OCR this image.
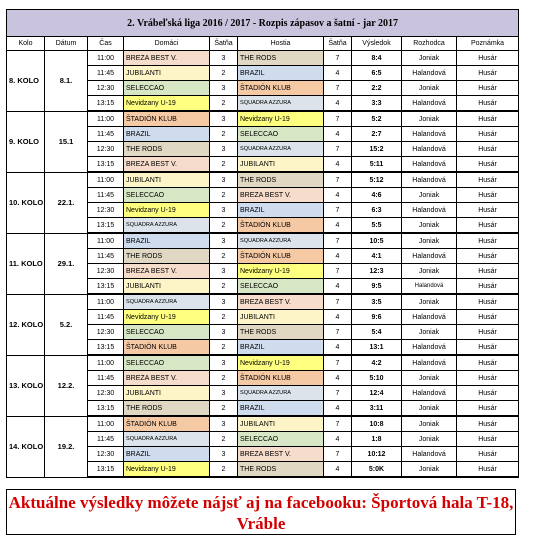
2. Vrábeľská liga 2016 / 2017 - Rozpis zápasov a šatní - jar 2017									
Kolo	Dátum	Čas	Domáci	Šatňa	Hostia	Šatňa	Výsledok	Rozhodca	Poznámka
8. KOLO	8.1.	11:00	BREZA BEST V.	3	THE RODS	7	8:4	Joniak	Husár
		11:45	JUBILANTI	2	BRAZIL	4	6:5	Halandová	Husár
		12:30	SELECCAO	3	ŠTADIÓN KLUB	7	2:2	Joniak	Husár
		13:15	Nevidzany U-19	2	SQUADRA AZZURA	4	3:3	Halandová	Husár
9. KOLO	15.1	11:00	ŠTADIÓN KLUB	3	Nevidzany U-19	7	5:2	Joniak	Husár
		11:45	BRAZIL	2	SELECCAO	4	2:7	Halandová	Husár
		12:30	THE RODS	3	SQUADRA AZZURA	7	15:2	Halandová	Husár
		13:15	BREZA BEST V.	2	JUBILANTI	4	5:11	Halandová	Husár
10. KOLO	22.1.	11:00	JUBILANTI	3	THE RODS	7	5:12	Halandová	Husár
		11:45	SELECCAO	2	BREZA BEST V.	4	4:6	Joniak	Husár
		12:30	Nevidzany U-19	3	BRAZIL	7	6:3	Halandová	Husár
		13:15	SQUADRA AZZURA	2	ŠTADIÓN KLUB	4	5:5	Joniak	Husár
11. KOLO	29.1.	11:00	BRAZIL	3	SQUADRA AZZURA	7	10:5	Joniak	Husár
		11:45	THE RODS	2	ŠTADIÓN KLUB	4	4:1	Halandová	Husár
		12:30	BREZA BEST V.	3	Nevidzany U-19	7	12:3	Joniak	Husár
		13:15	JUBILANTI	2	SELECCAO	4	9:5	Halandová	Husár
12. KOLO	5.2.	11:00	SQUADRA AZZURA	3	BREZA BEST V.	7	3:5	Joniak	Husár
		11:45	Nevidzany U-19	2	JUBILANTI	4	9:6	Halandová	Husár
		12:30	SELECCAO	3	THE RODS	7	5:4	Joniak	Husár
		13:15	ŠTADIÓN KLUB	2	BRAZIL	4	13:1	Halandová	Husár
13. KOLO	12.2.	11:00	SELECCAO	3	Nevidzany U-19	7	4:2	Halandová	Husár
		11:45	BREZA BEST V.	2	ŠTADIÓN KLUB	4	5:10	Joniak	Husár
		12:30	JUBILANTI	3	SQUADRA AZZURA	7	12:4	Halandová	Husár
		13:15	THE RODS	2	BRAZIL	4	3:11	Joniak	Husár
14. KOLO	19.2.	11:00	ŠTADIÓN KLUB	3	JUBILANTI	7	10:8	Joniak	Husár
		11:45	SQUADRA AZZURA	2	SELECCAO	4	1:8	Joniak	Husár
		12:30	BRAZIL	3	BREZA BEST V.	7	10:12	Halandová	Husár
		13:15	Nevidzany U-19	2	THE RODS	4	5:0K	Joniak	Husár
Aktuálne výsledky môžete nájsť aj na facebooku: Športová hala T-18, Vráble
